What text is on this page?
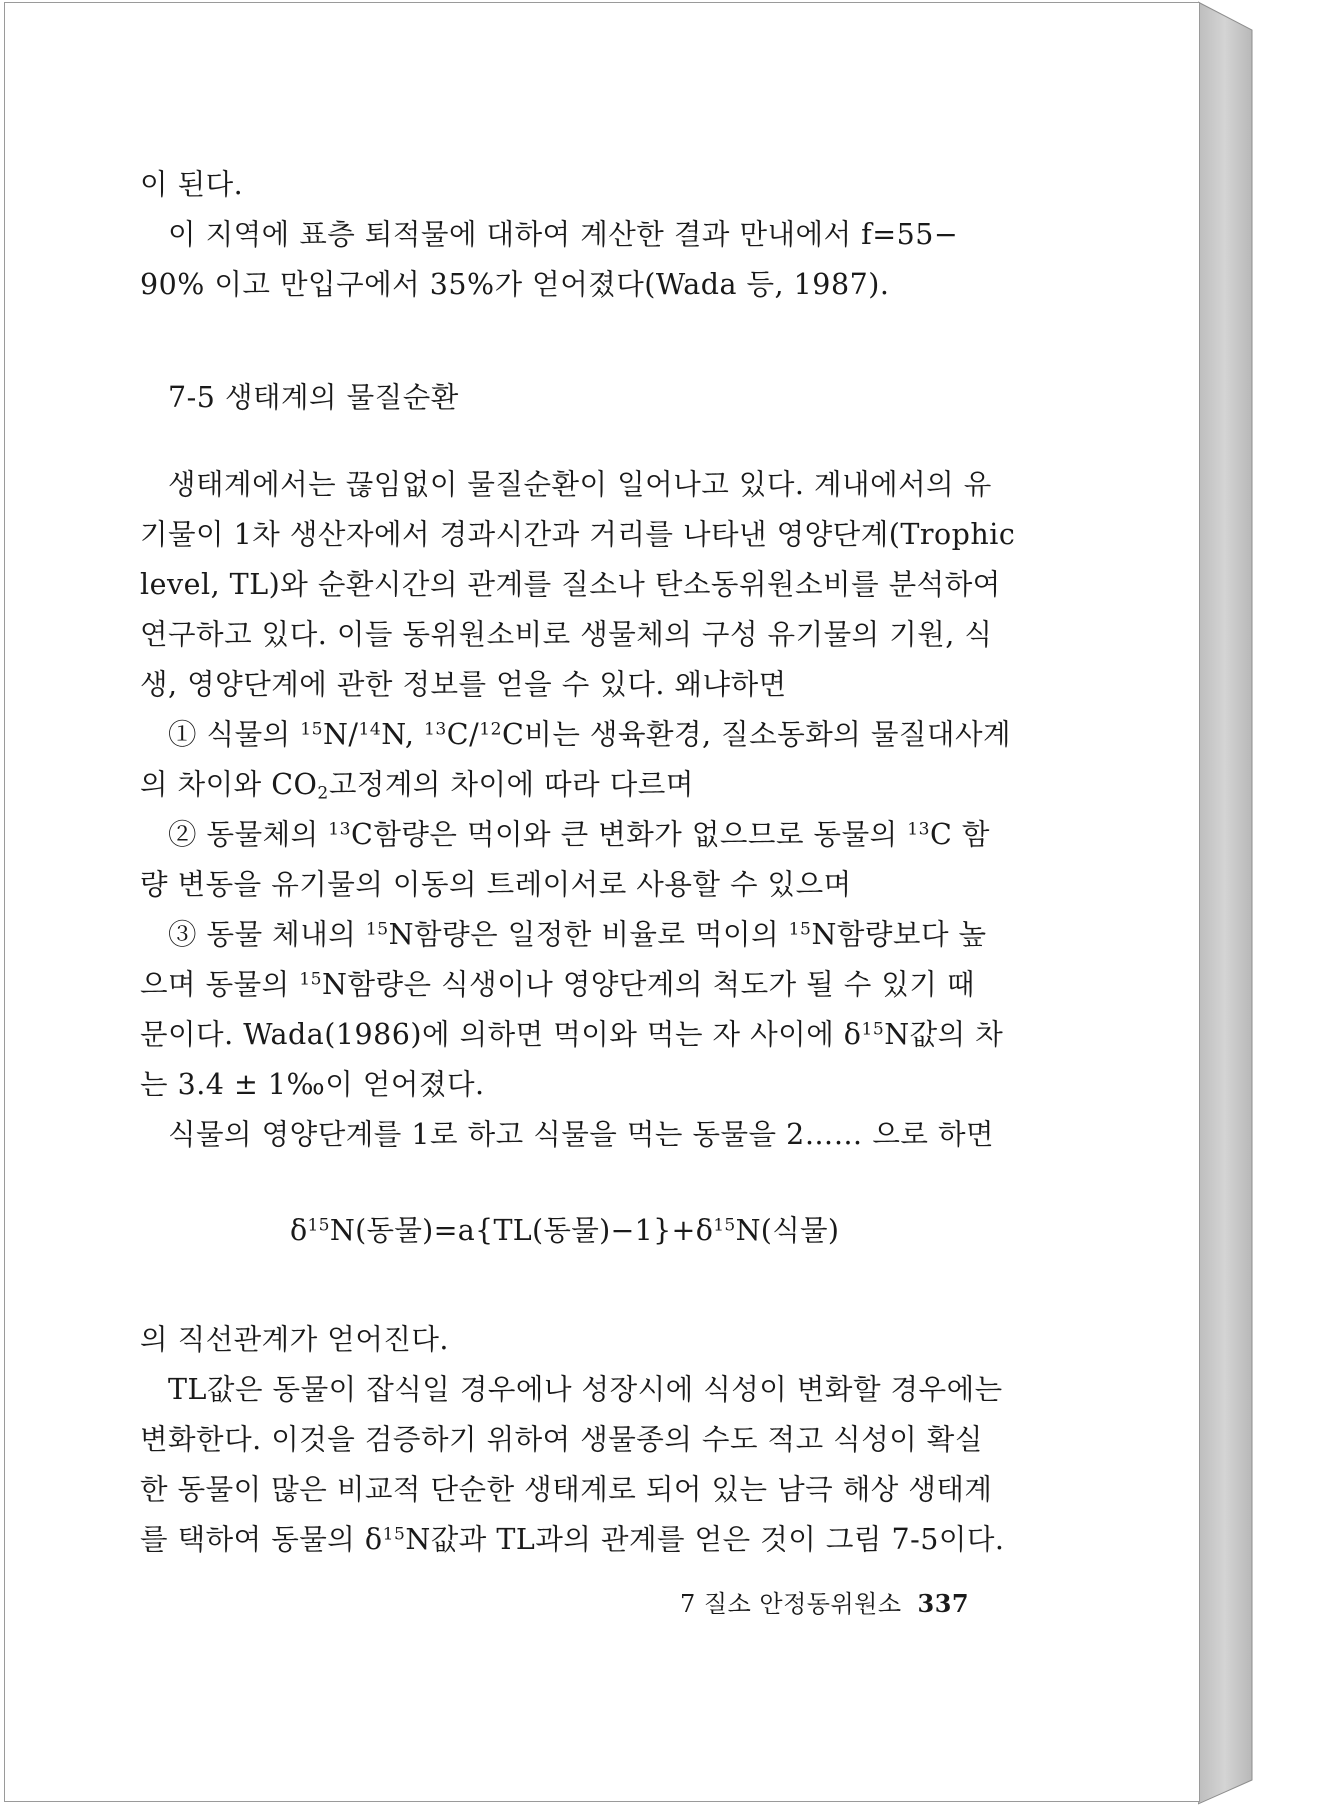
이 된다.
이 지역에 표층 퇴적물에 대하여 계산한 결과 만내에서 f=55−
90% 이고 만입구에서 35%가 얻어졌다(Wada 등, 1987).
7-5 생태계의 물질순환
생태계에서는 끊임없이 물질순환이 일어나고 있다. 계내에서의 유
기물이 1차 생산자에서 경과시간과 거리를 나타낸 영양단계(Trophic
level, TL)와 순환시간의 관계를 질소나 탄소동위원소비를 분석하여
연구하고 있다. 이들 동위원소비로 생물체의 구성 유기물의 기원, 식
생, 영양단계에 관한 정보를 얻을 수 있다. 왜냐하면
① 식물의 $^{15}$N/$^{14}$N, $^{13}$C/$^{12}$C비는 생육환경, 질소동화의 물질대사계
의 차이와 $CO_2$고정계의 차이에 따라 다르며
② 동물체의 $^{13}$C함량은 먹이와 큰 변화가 없으므로 동물의 $^{13}$C 함
량 변동을 유기물의 이동의 트레이서로 사용할 수 있으며
③ 동물 체내의 $^{15}$N함량은 일정한 비율로 먹이의 $^{15}$N함량보다 높
으며 동물의 $^{15}$N함량은 식생이나 영양단계의 척도가 될 수 있기 때
문이다. Wada(1986)에 의하면 먹이와 먹는 자 사이에 $\delta^{15}N$값의 차
는 3.4 ± 1‰이 얻어졌다.
식물의 영양단계를 1로 하고 식물을 먹는 동물을 2…… 으로 하면
$\delta^{15}N$(동물)=a{TL(동물)$-1\}+\delta^{15}N$(식물)
의 직선관계가 얻어진다.
TL값은 동물이 잡식일 경우에나 성장시에 식성이 변화할 경우에는
변화한다. 이것을 검증하기 위하여 생물종의 수도 적고 식성이 확실
한 동물이 많은 비교적 단순한 생태계로 되어 있는 남극 해상 생태계
를 택하여 동물의 $\delta^{15}N$값과 TL과의 관계를 얻은 것이 그림 7-5이다.
7 질소 안정동위원소 337
